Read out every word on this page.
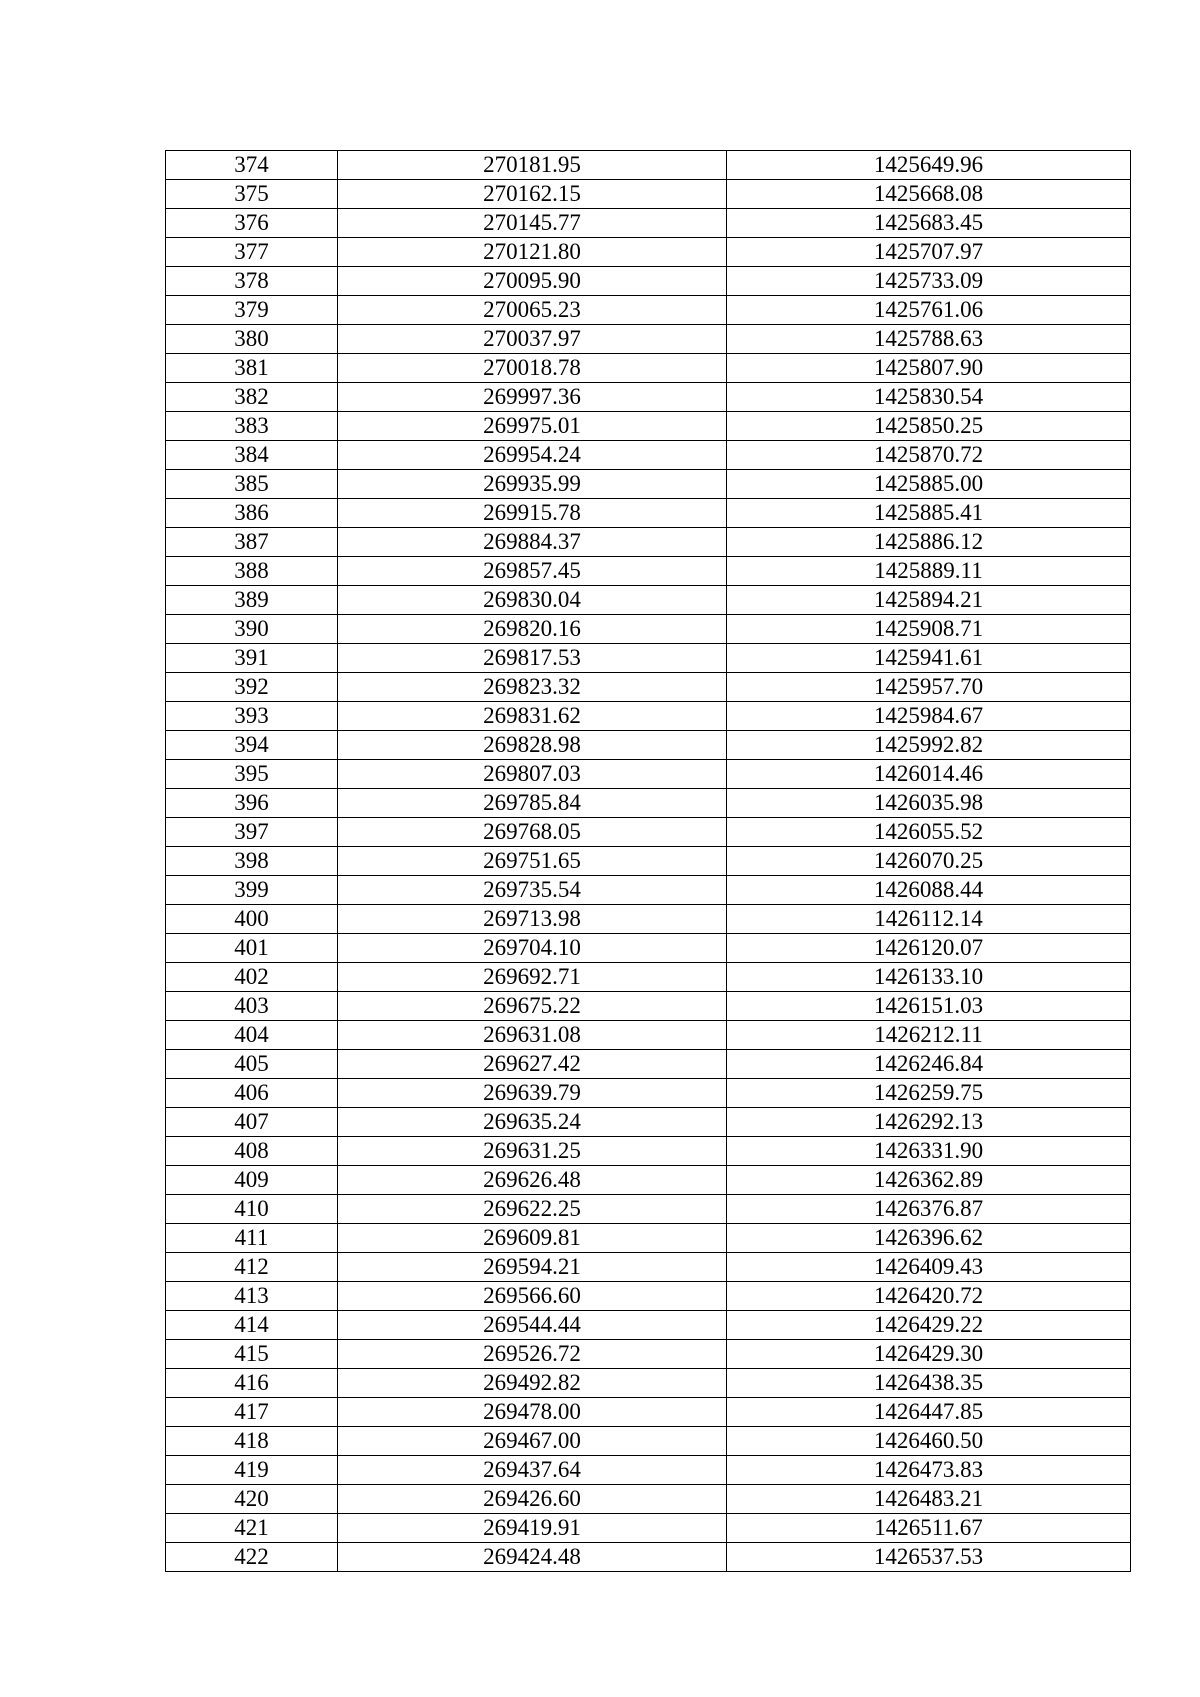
374	270181.95	1425649.96
375	270162.15	1425668.08
376	270145.77	1425683.45
377	270121.80	1425707.97
378	270095.90	1425733.09
379	270065.23	1425761.06
380	270037.97	1425788.63
381	270018.78	1425807.90
382	269997.36	1425830.54
383	269975.01	1425850.25
384	269954.24	1425870.72
385	269935.99	1425885.00
386	269915.78	1425885.41
387	269884.37	1425886.12
388	269857.45	1425889.11
389	269830.04	1425894.21
390	269820.16	1425908.71
391	269817.53	1425941.61
392	269823.32	1425957.70
393	269831.62	1425984.67
394	269828.98	1425992.82
395	269807.03	1426014.46
396	269785.84	1426035.98
397	269768.05	1426055.52
398	269751.65	1426070.25
399	269735.54	1426088.44
400	269713.98	1426112.14
401	269704.10	1426120.07
402	269692.71	1426133.10
403	269675.22	1426151.03
404	269631.08	1426212.11
405	269627.42	1426246.84
406	269639.79	1426259.75
407	269635.24	1426292.13
408	269631.25	1426331.90
409	269626.48	1426362.89
410	269622.25	1426376.87
411	269609.81	1426396.62
412	269594.21	1426409.43
413	269566.60	1426420.72
414	269544.44	1426429.22
415	269526.72	1426429.30
416	269492.82	1426438.35
417	269478.00	1426447.85
418	269467.00	1426460.50
419	269437.64	1426473.83
420	269426.60	1426483.21
421	269419.91	1426511.67
422	269424.48	1426537.53
